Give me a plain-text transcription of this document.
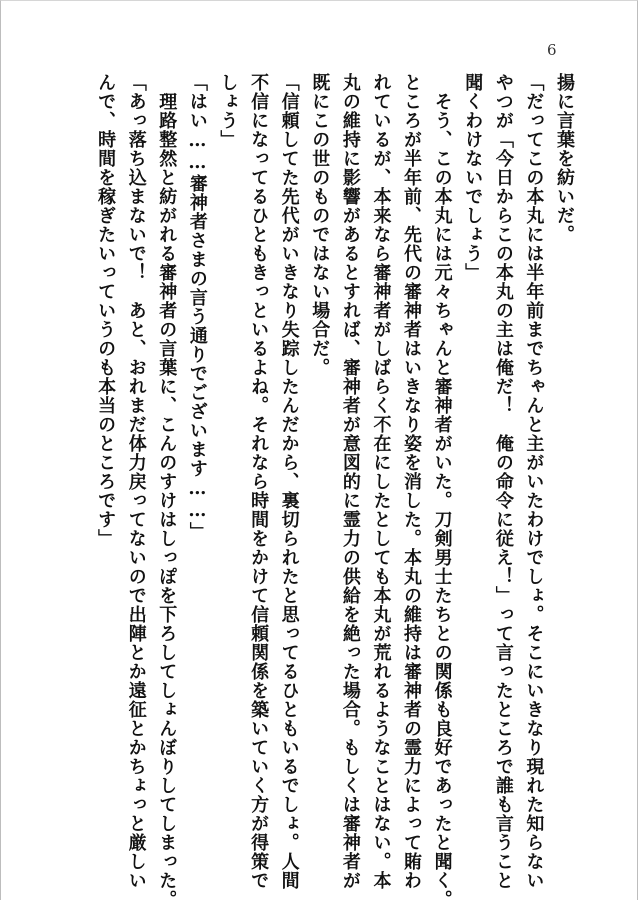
6
揚に言葉を紡いだ。
「だってこの本丸には半年前までちゃんと主がいたわけでしょ。そこにいきなり現れた知らない
やつが「今日からこの本丸の主は俺だ！　俺の命令に従え！」って言ったところで誰も言うこと
聞くわけないでしょう」
　そう、この本丸には元々ちゃんと審神者がいた。刀剣男士たちとの関係も良好であったと聞く。
ところが半年前、先代の審神者はいきなり姿を消した。本丸の維持は審神者の霊力によって賄わ
れているが、本来なら審神者がしばらく不在にしたとしても本丸が荒れるようなことはない。本
丸の維持に影響があるとすれば、審神者が意図的に霊力の供給を絶った場合。もしくは審神者が
既にこの世のものではない場合だ。
「信頼してた先代がいきなり失踪したんだから、裏切られたと思ってるひともいるでしょ。人間
不信になってるひともきっといるよね。それなら時間をかけて信頼関係を築いていく方が得策で
しょう」
「はい……審神者さまの言う通りでございます……」
　理路整然と紡がれる審神者の言葉に、こんのすけはしっぽを下ろしてしょんぼりしてしまった。
「あっ落ち込まないで！　あと、おれまだ体力戻ってないので出陣とか遠征とかちょっと厳しい
んで、時間を稼ぎたいっていうのも本当のところです」
